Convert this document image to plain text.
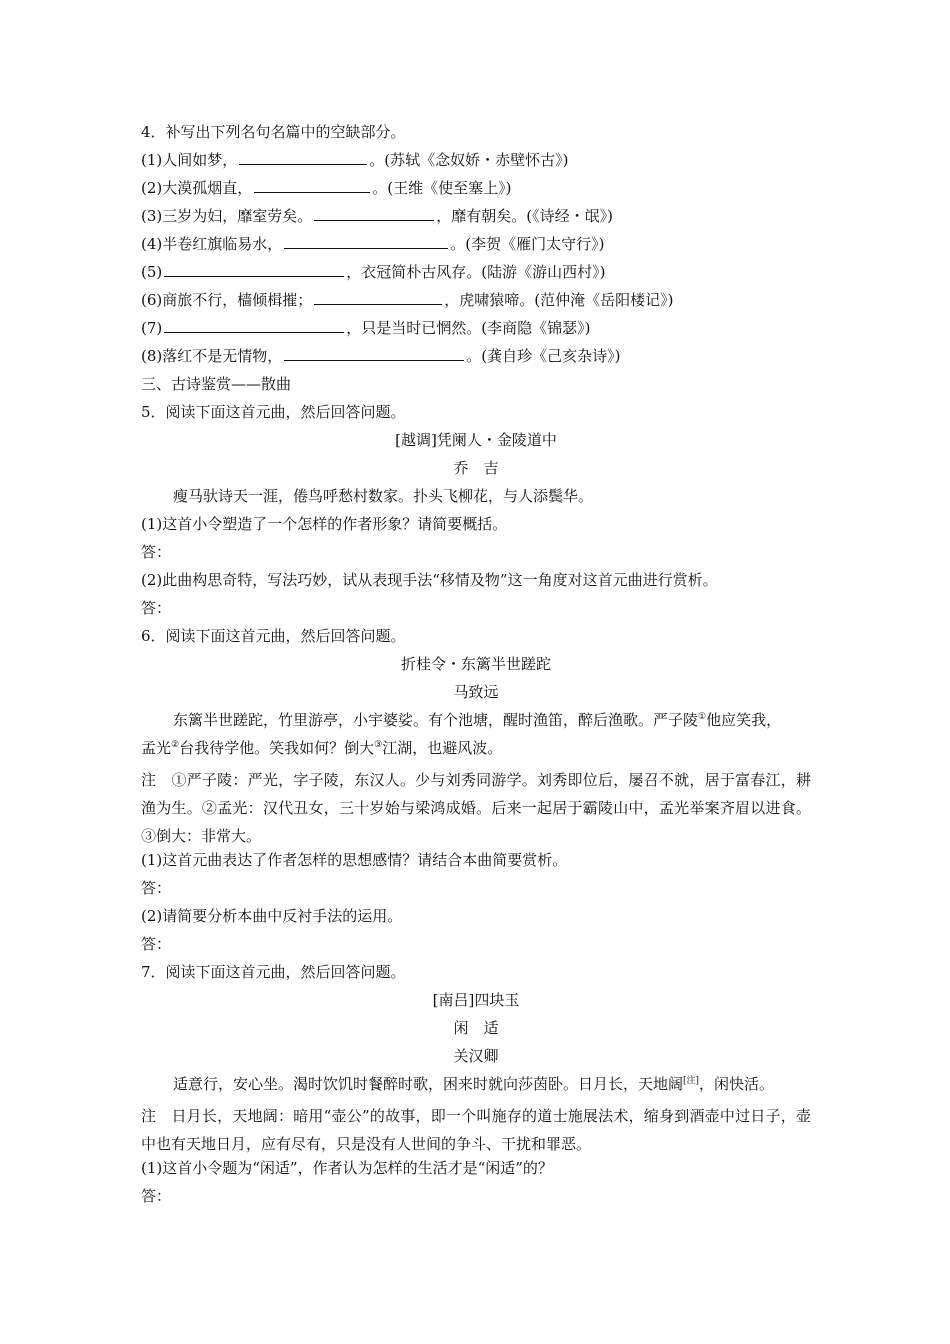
4．补写出下列名句名篇中的空缺部分。
(1)人间如梦，	。(苏轼《念奴娇・赤壁怀古》)
(2)大漠孤烟直，	。(王维《使至塞上》)
(3)三岁为妇，靡室劳矣。	，靡有朝矣。(《诗经・氓》)
(4)半卷红旗临易水，	。(李贺《雁门太守行》)
(5)	，衣冠简朴古风存。(陆游《游山西村》)
(6)商旅不行，樯倾楫摧；	，虎啸猿啼。(范仲淹《岳阳楼记》)
(7)	，只是当时已惘然。(李商隐《锦瑟》)
(8)落红不是无情物，	。(龚自珍《己亥杂诗》)
三、古诗鉴赏——散曲
5．阅读下面这首元曲，然后回答问题。
[越调]凭阑人・金陵道中
乔　吉
瘦马驮诗天一涯，倦鸟呼愁村数家。扑头飞柳花，与人添鬓华。
(1)这首小令塑造了一个怎样的作者形象？请简要概括。
答：
(2)此曲构思奇特，写法巧妙，试从表现手法“移情及物”这一角度对这首元曲进行赏析。
答：
6．阅读下面这首元曲，然后回答问题。
折桂令・东篱半世蹉跎
马致远
东篱半世蹉跎，竹里游亭，小宇婆娑。有个池塘，醒时渔笛，醉后渔歌。严子陵①他应笑我，
孟光②台我待学他。笑我如何？倒大③江湖，也避风波。
注　①严子陵：严光，字子陵，东汉人。少与刘秀同游学。刘秀即位后，屡召不就，居于富春江，耕渔为生。②孟光：汉代丑女，三十岁始与梁鸿成婚。后来一起居于霸陵山中，孟光举案齐眉以进食。③倒大：非常大。
(1)这首元曲表达了作者怎样的思想感情？请结合本曲简要赏析。
答：
(2)请简要分析本曲中反衬手法的运用。
答：
7．阅读下面这首元曲，然后回答问题。
[南吕]四块玉
闲　适
关汉卿
适意行，安心坐。渴时饮饥时餐醉时歌，困来时就向莎茵卧。日月长，天地阔[注]，闲快活。
注　日月长，天地阔：暗用“壶公”的故事，即一个叫施存的道士施展法术，缩身到酒壶中过日子，壶中也有天地日月，应有尽有，只是没有人世间的争斗、干扰和罪恶。
(1)这首小令题为“闲适”，作者认为怎样的生活才是“闲适”的？
答：
